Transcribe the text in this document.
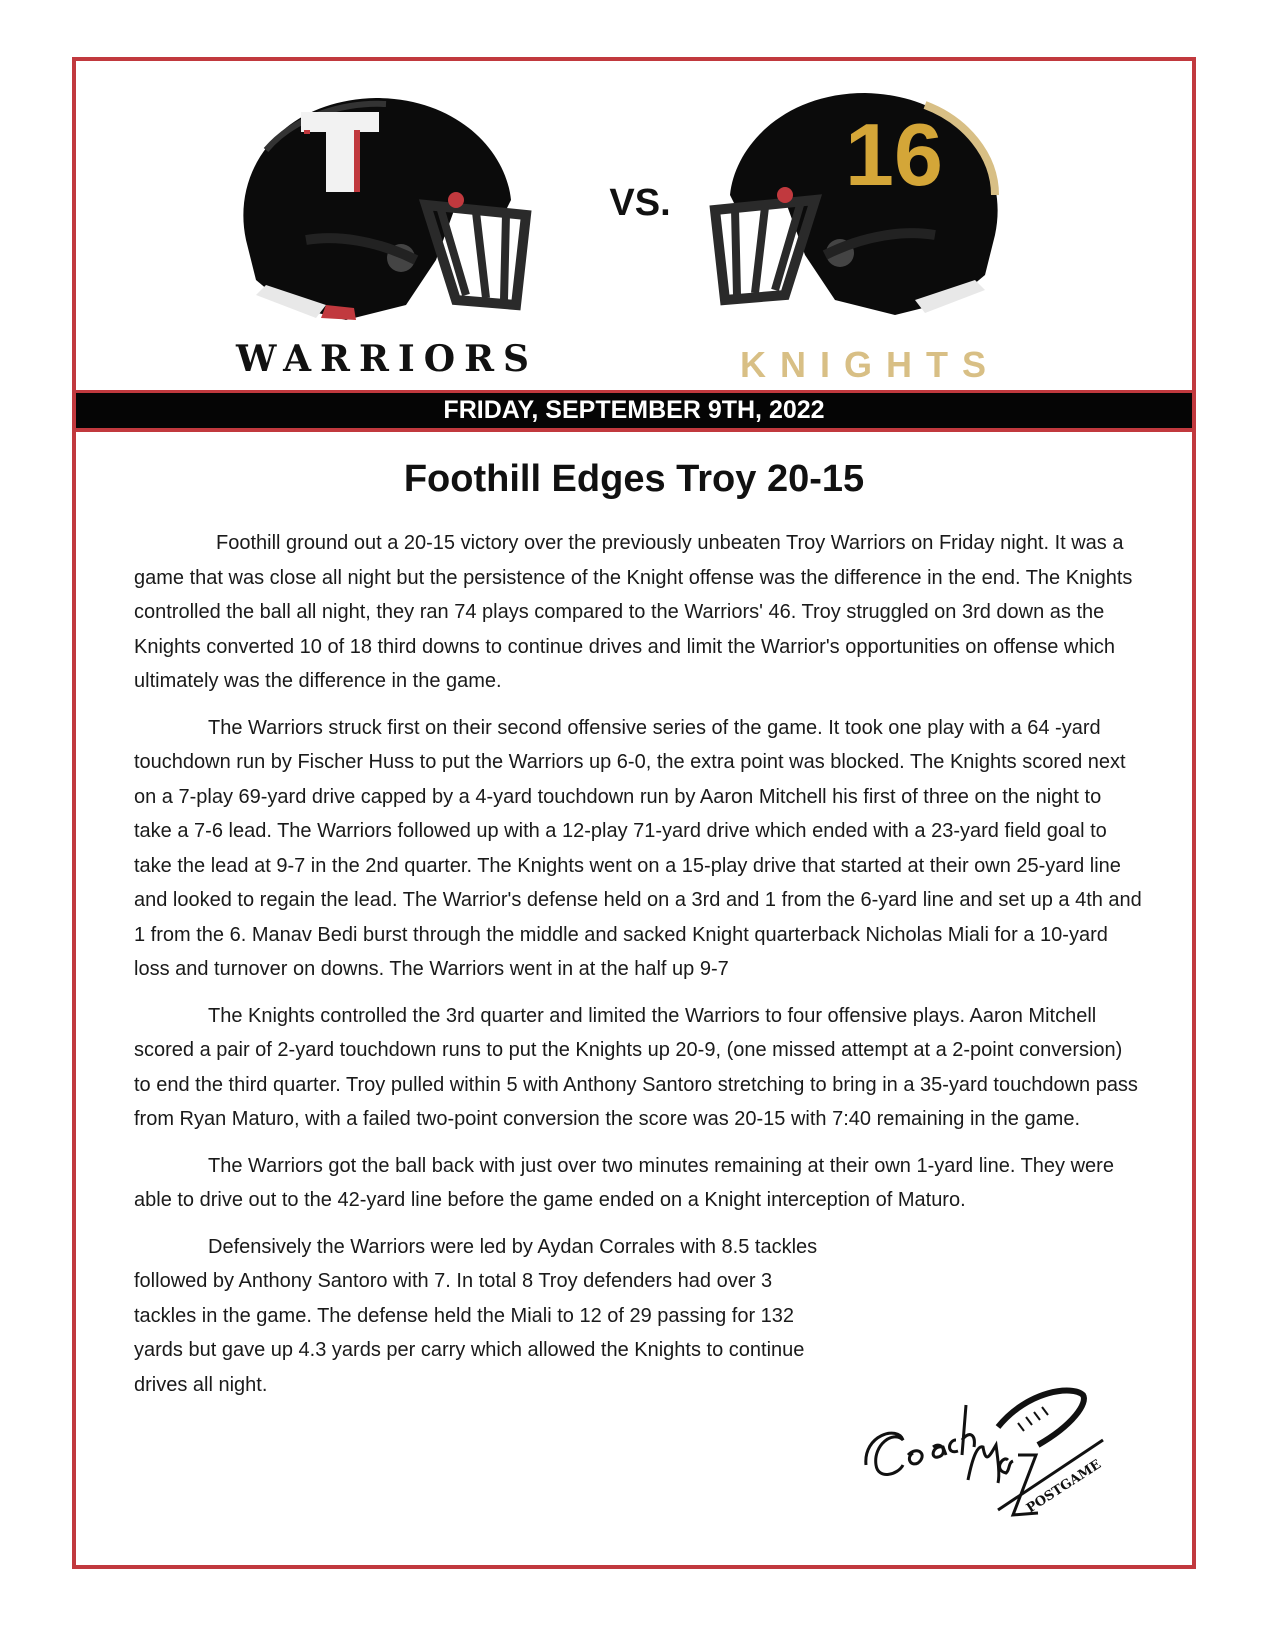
T
VS. 16
WARRIORS	KNIGHTS
FRIDAY, SEPTEMBER 9TH, 2022
Foothill Edges Troy 20-15

Foothill ground out a 20-15 victory over the previously unbeaten Troy Warriors on Friday night. It was a game that was close all night but the persistence of the Knight offense was the difference in the end. The Knights controlled the ball all night, they ran 74 plays compared to the Warriors' 46. Troy struggled on 3rd down as the Knights converted 10 of 18 third downs to continue drives and limit the Warrior's opportunities on offense which ultimately was the difference in the game.

The Warriors struck first on their second offensive series of the game. It took one play with a 64 -yard touchdown run by Fischer Huss to put the Warriors up 6-0, the extra point was blocked. The Knights scored next on a 7-play 69-yard drive capped by a 4-yard touchdown run by Aaron Mitchell his first of three on the night to take a 7-6 lead. The Warriors followed up with a 12-play 71-yard drive which ended with a 23-yard field goal to take the lead at 9-7 in the 2nd quarter. The Knights went on a 15-play drive that started at their own 25-yard line and looked to regain the lead. The Warrior's defense held on a 3rd and 1 from the 6-yard line and set up a 4th and 1 from the 6. Manav Bedi burst through the middle and sacked Knight quarterback Nicholas Miali for a 10-yard loss and turnover on downs. The Warriors went in at the half up 9-7

The Knights controlled the 3rd quarter and limited the Warriors to four offensive plays. Aaron Mitchell scored a pair of 2-yard touchdown runs to put the Knights up 20-9, (one missed attempt at a 2-point conversion) to end the third quarter. Troy pulled within 5 with Anthony Santoro stretching to bring in a 35-yard touchdown pass from Ryan Maturo, with a failed two-point conversion the score was 20-15 with 7:40 remaining in the game.

The Warriors got the ball back with just over two minutes remaining at their own 1-yard line. They were able to drive out to the 42-yard line before the game ended on a Knight interception of Maturo.

Defensively the Warriors were led by Aydan Corrales with 8.5 tackles followed by Anthony Santoro with 7. In total 8 Troy defenders had over 3 tackles in the game. The defense held the Miali to 12 of 29 passing for 132 yards but gave up 4.3 yards per carry which allowed the Knights to continue drives all night.

POSTGAME
